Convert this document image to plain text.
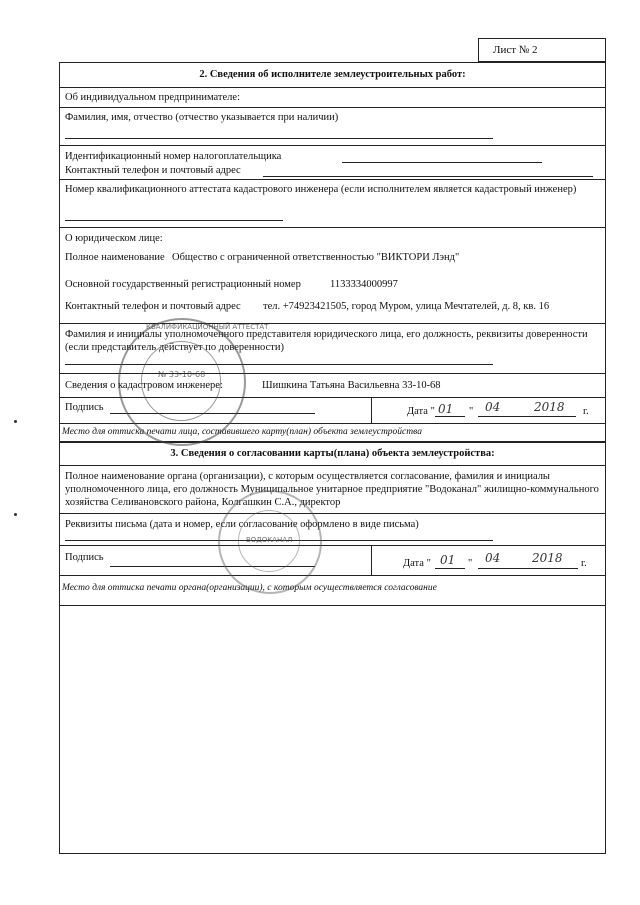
Лист № 2
2. Сведения об исполнителе землеустроительных работ:
Об индивидуальном предпринимателе:
Фамилия, имя, отчество (отчество указывается при наличии)
Идентификационный номер налогоплательщика
Контактный телефон и почтовый адрес
Номер квалификационного аттестата кадастрового инженера (если исполнителем является кадастровый инженер)
О юридическом лице:
Полное наименование Общество с ограниченной ответственностью "ВИКТОРИ Лэнд"
Основной государственный регистрационный номер	1133334000997
Контактный телефон и почтовый адрес тел. +74923421505, город Муром, улица Мечтателей, д. 8, кв. 16
Фамилия и инициалы уполномоченного представителя юридического лица, его должность, реквизиты доверенности (если представитель действует по доверенности)
Сведения о кадастровом инженере:	Шишкина Татьяна Васильевна 33-10-68
Подпись	Дата " 01 " 04	2018 г.
Место для оттиска печати лица, составившего карту(план) объекта землеустройства
3. Сведения о согласовании карты(плана) объекта землеустройства:
Полное наименование органа (организации), с которым осуществляется согласование, фамилия и инициалы уполномоченного лица, его должность Муниципальное унитарное предприятие "Водоканал" жилищно-коммунального хозяйства Селивановского района, Колгашкин С.А., директор
Реквизиты письма (дата и номер, если согласование оформлено в виде письма)
Подпись
Дата " 01 " 04	2018 г.
Место для оттиска печати органа(организации), с которым осуществляется согласование
КВАЛИФИКАЦИОННЫЙ АТТЕСТАТ
№ 33-10-68
ВОДОКАНАЛ
